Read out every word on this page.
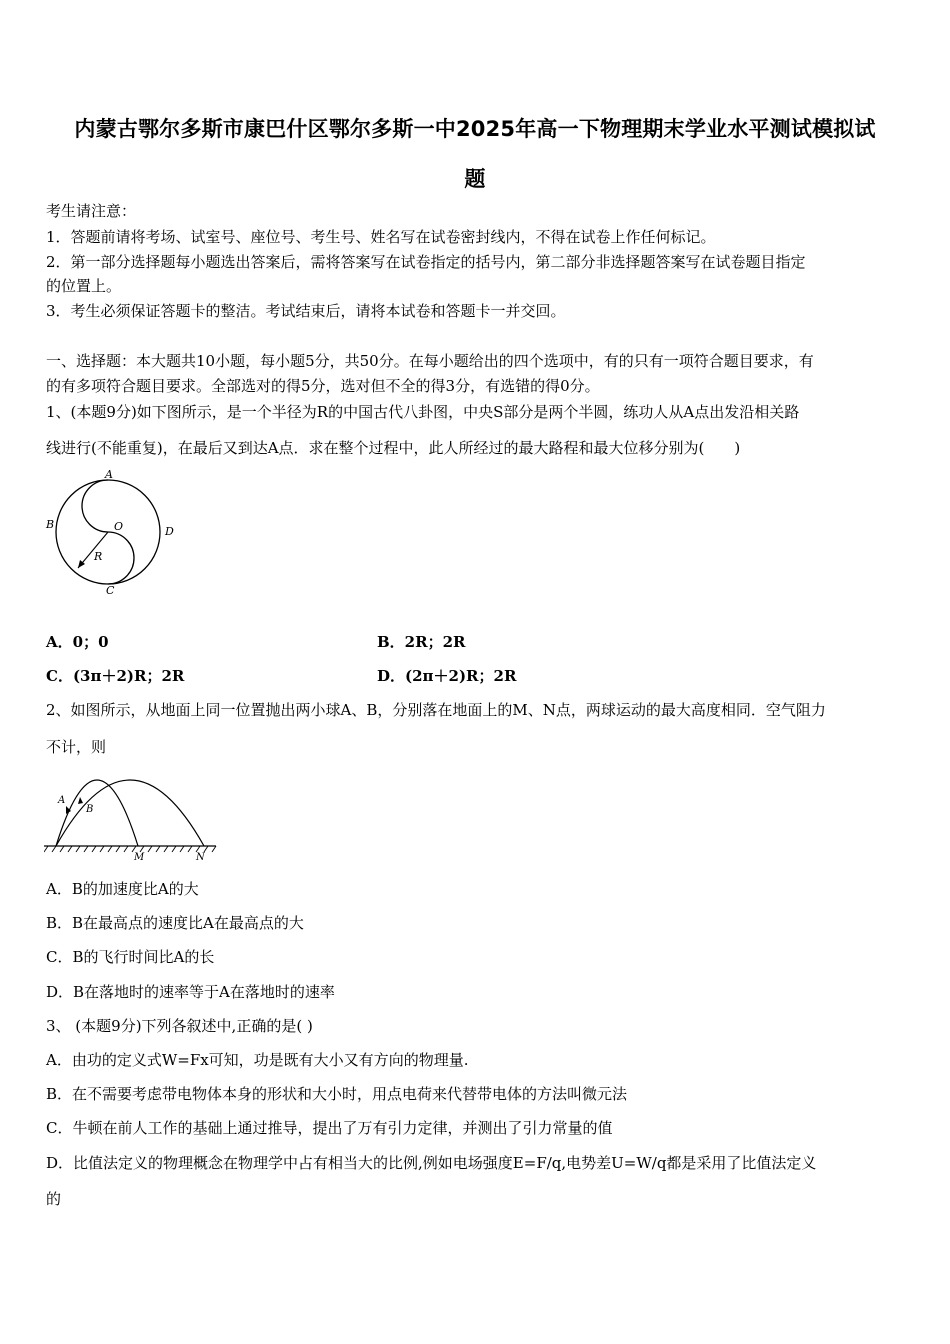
内蒙古鄂尔多斯市康巴什区鄂尔多斯一中2025年高一下物理期末学业水平测试模拟试
题
考生请注意：
1．答题前请将考场、试室号、座位号、考生号、姓名写在试卷密封线内，不得在试卷上作任何标记。
2．第一部分选择题每小题选出答案后，需将答案写在试卷指定的括号内，第二部分非选择题答案写在试卷题目指定
的位置上。
3．考生必须保证答题卡的整洁。考试结束后，请将本试卷和答题卡一并交回。
一、选择题：本大题共10小题，每小题5分，共50分。在每小题给出的四个选项中，有的只有一项符合题目要求，有
的有多项符合题目要求。全部选对的得5分，选对但不全的得3分，有选错的得0分。
1、(本题9分)如下图所示，是一个半径为R的中国古代八卦图，中央S部分是两个半圆，练功人从A点出发沿相关路
线进行(不能重复)，在最后又到达A点．求在整个过程中，此人所经过的最大路程和最大位移分别为(　　)
A
B
D
C
O
R
A．0；0	B．2R；2R
C．(3π＋2)R；2R	D．(2π＋2)R；2R
2、如图所示，从地面上同一位置抛出两小球A、B，分别落在地面上的M、N点，两球运动的最大高度相同．空气阻力
不计，则
A
B
M	N
A．B的加速度比A的大
B．B在最高点的速度比A在最高点的大
C．B的飞行时间比A的长
D．B在落地时的速率等于A在落地时的速率
3、 (本题9分)下列各叙述中,正确的是( )
A．由功的定义式W=Fx可知，功是既有大小又有方向的物理量.
B．在不需要考虑带电物体本身的形状和大小时，用点电荷来代替带电体的方法叫微元法
C．牛顿在前人工作的基础上通过推导，提出了万有引力定律，并测出了引力常量的值
D．比值法定义的物理概念在物理学中占有相当大的比例,例如电场强度E=F/q,电势差U=W/q都是采用了比值法定义
的
